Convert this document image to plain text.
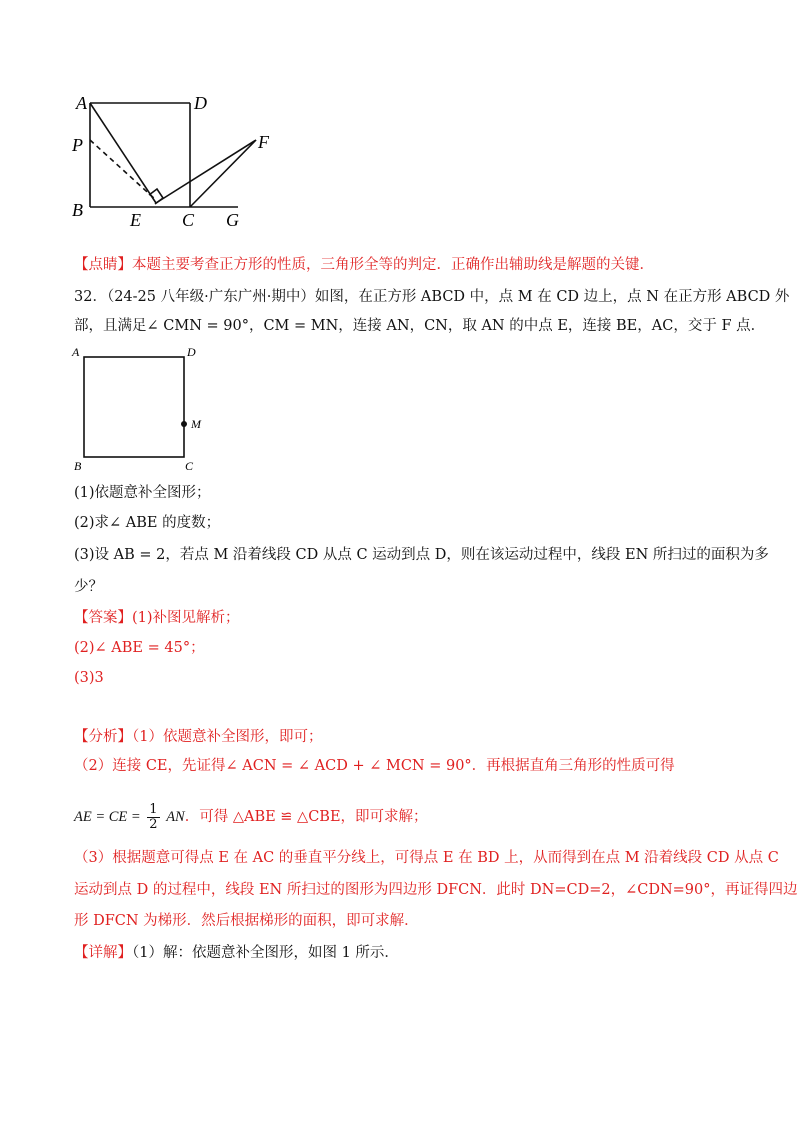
A	D
P	F
B	E C G
【点睛】本题主要考查正方形的性质，三角形全等的判定．正确作出辅助线是解题的关键．
32．（24-25 八年级·广东广州·期中）如图，在正方形 ABCD 中，点 M 在 CD 边上，点 N 在正方形 ABCD 外
部，且满足∠ CMN = 90°，CM = MN，连接 AN，CN，取 AN 的中点 E，连接 BE，AC，交于 F 点．
A	D
M
B	C
(1)依题意补全图形；
(2)求∠ ABE 的度数；
(3)设 AB = 2，若点 M 沿着线段 CD 从点 C 运动到点 D，则在该运动过程中，线段 EN 所扫过的面积为多
少？
【答案】(1)补图见解析；
(2)∠ ABE = 45°；
(3)3
【分析】（1）依题意补全图形，即可；
（2）连接 CE，先证得∠ ACN = ∠ ACD + ∠ MCN = 90°．再根据直角三角形的性质可得
AE = CE = $\frac{1}{2}$ AN．可得 △ABE ≌ △CBE，即可求解；
（3）根据题意可得点 E 在 AC 的垂直平分线上，可得点 E 在 BD 上，从而得到在点 M 沿着线段 CD 从点 C
运动到点 D 的过程中，线段 EN 所扫过的图形为四边形 DFCN．此时 DN=CD=2，∠CDN=90°，再证得四边
形 DFCN 为梯形．然后根据梯形的面积，即可求解．
【详解】（1）解：依题意补全图形，如图 1 所示．
